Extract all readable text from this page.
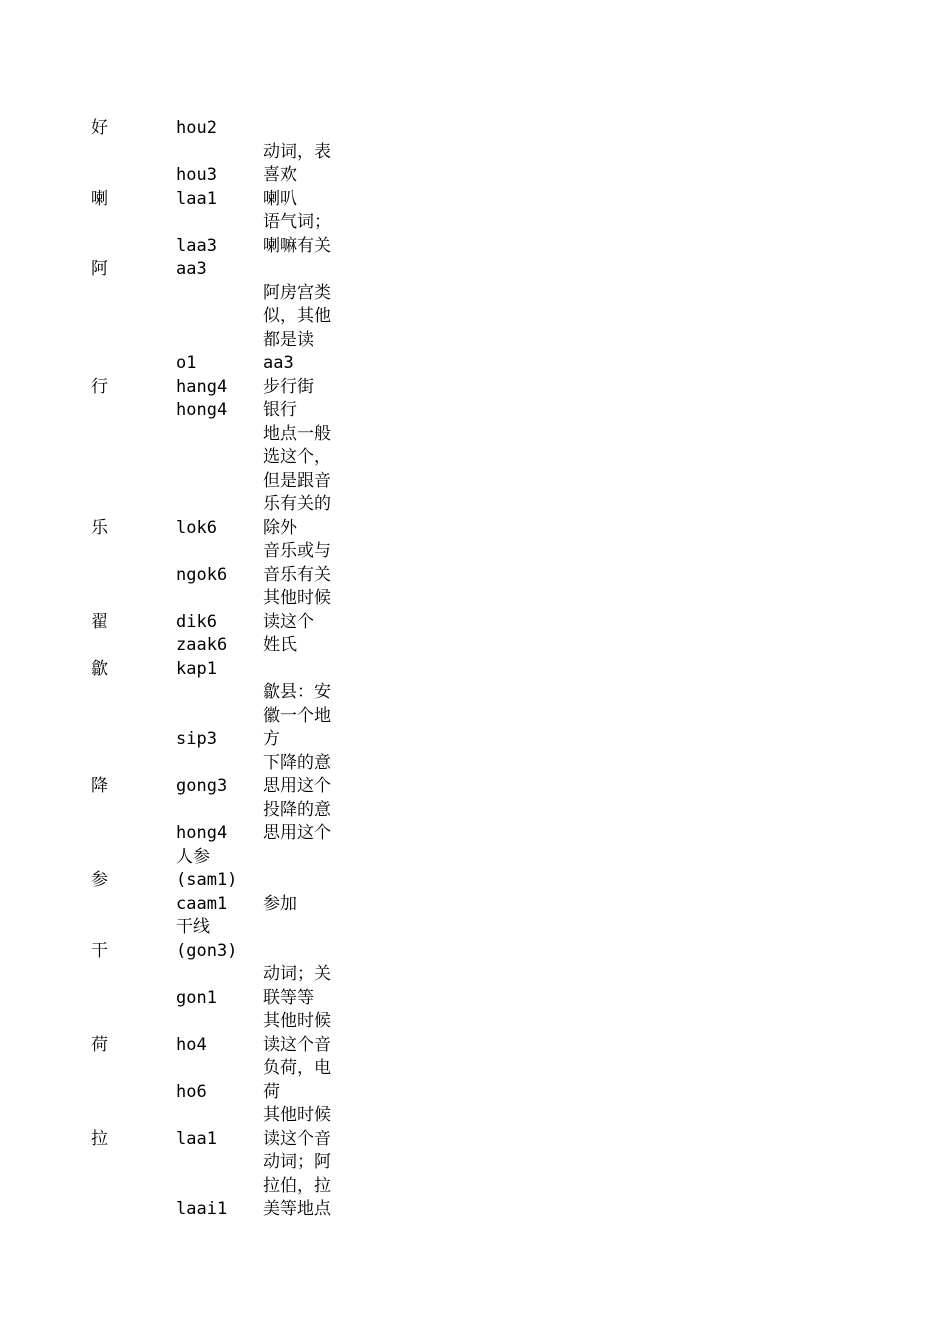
hou2
动词，表
喜欢
hou3
好
喇叭
laa1
语气词；
喇嘛有关
laa3
喇
aa3
阿房宫类
似，其他
都是读
aa3
o1
阿
步行街
hang4
银行
hong4
行
地点一般
选这个，
但是跟音
乐有关的
除外
lok6
音乐或与
音乐有关
ngok6
乐
其他时候
读这个
dik6
姓氏
zaak6
翟
kap1
歙县：安
徽一个地
方
sip3
歙
下降的意
思用这个
gong3
投降的意
思用这个
hong4
降
人参
(sam1)
参加
caam1
参
干线
(gon3)
动词；关
联等等
gon1
干
其他时候
读这个音
ho4
负荷，电
荷
ho6
荷
其他时候
读这个音
laa1
动词；阿
拉伯，拉
美等地点
laai1
拉
